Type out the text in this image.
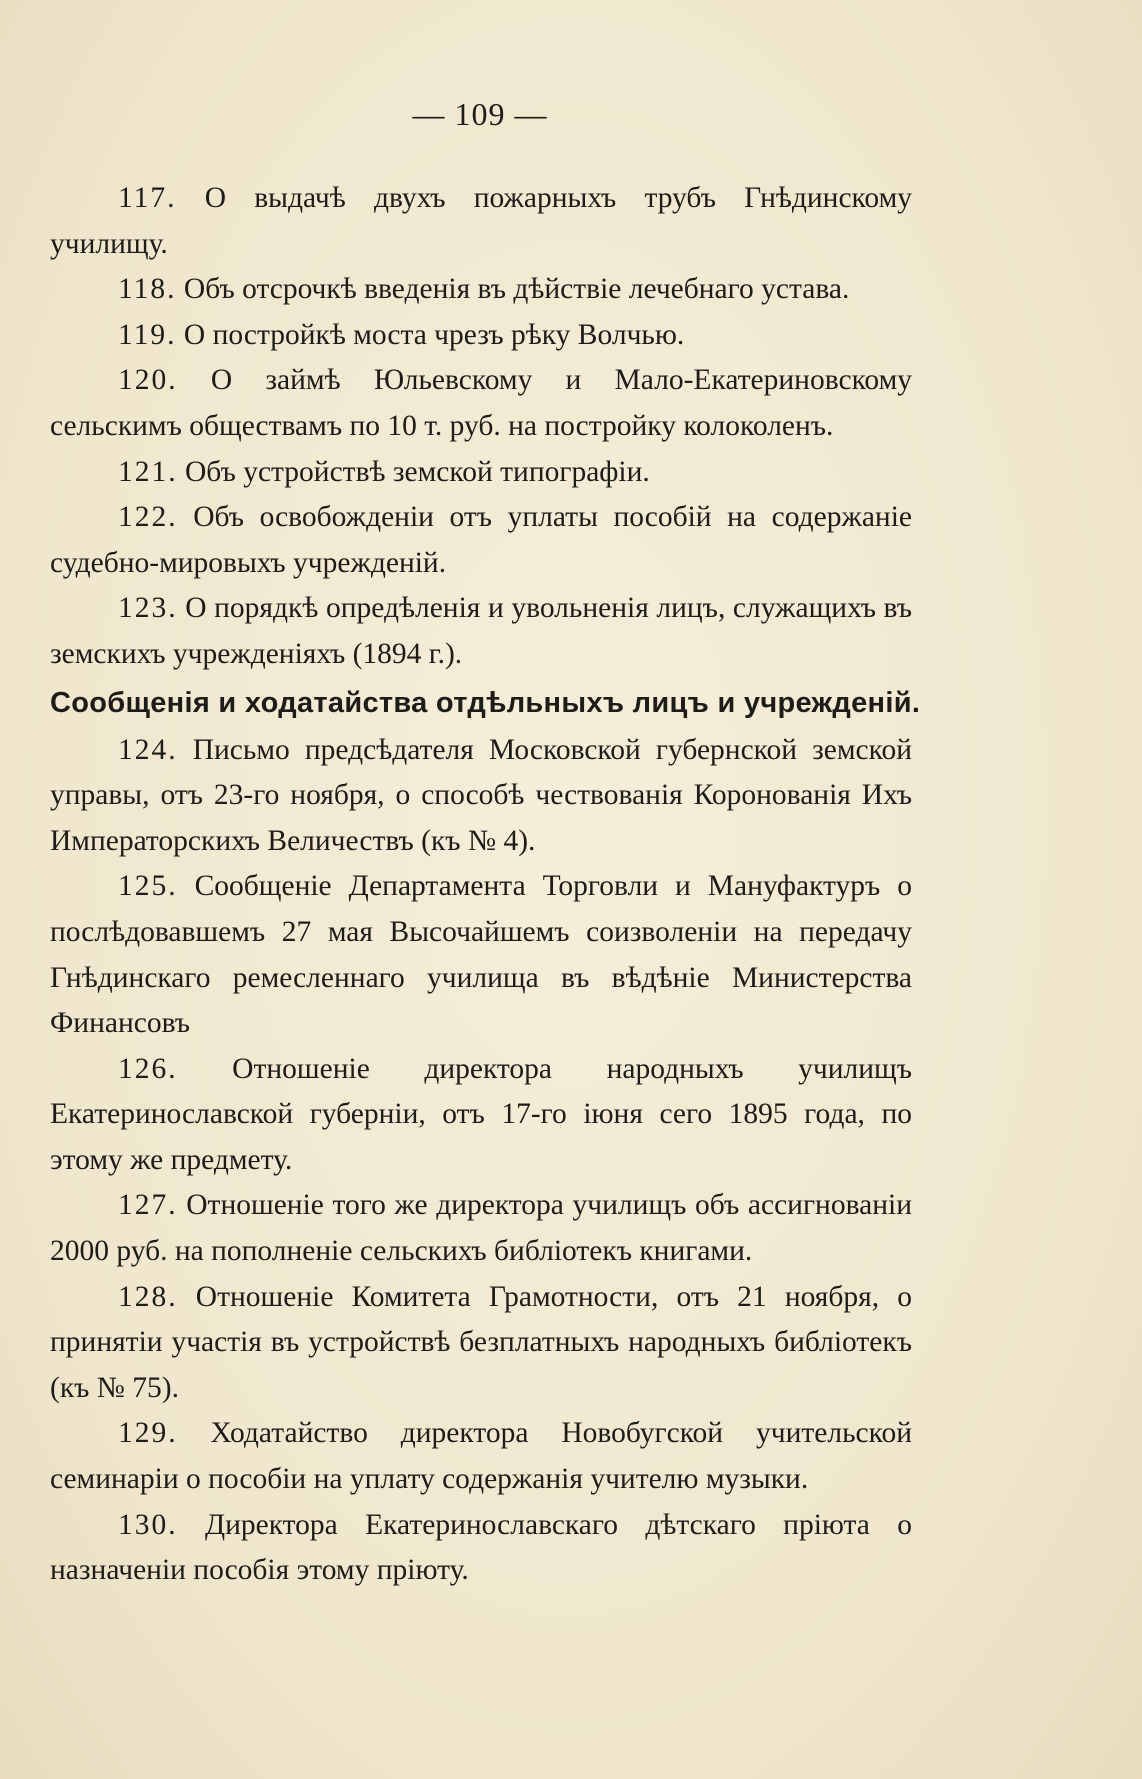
— 109 —

117. О выдачѣ двухъ пожарныхъ трубъ Гнѣдинскому училищу.

118. Объ отсрочкѣ введенія въ дѣйствіе лечебнаго устава.

119. О постройкѣ моста чрезъ рѣку Волчью.

120. О займѣ Юльевскому и Мало-Екатериновскому сельскимъ обществамъ по 10 т. руб. на постройку колоколенъ.

121. Объ устройствѣ земской типографіи.

122. Объ освобожденіи отъ уплаты пособій на содержаніе судебно-мировыхъ учрежденій.

123. О порядкѣ опредѣленія и увольненія лицъ, служащихъ въ земскихъ учрежденіяхъ (1894 г.).

Сообщенія и ходатайства отдѣльныхъ лицъ и учрежденій.

124. Письмо предсѣдателя Московской губернской земской управы, отъ 23-го ноября, о способѣ чествованія Коронованія Ихъ Императорскихъ Величествъ (къ № 4).

125. Сообщеніе Департамента Торговли и Мануфактуръ о послѣдовавшемъ 27 мая Высочайшемъ соизволеніи на передачу Гнѣдинскаго ремесленнаго училища въ вѣдѣніе Министерства Финансовъ

126. Отношеніе директора народныхъ училищъ Екатеринославской губерніи, отъ 17-го іюня сего 1895 года, по этому же предмету.

127. Отношеніе того же директора училищъ объ ассигнованіи 2000 руб. на пополненіе сельскихъ библіотекъ книгами.

128. Отношеніе Комитета Грамотности, отъ 21 ноября, о принятіи участія въ устройствѣ безплатныхъ народныхъ библіотекъ (къ № 75).

129. Ходатайство директора Новобугской учительской семинаріи о пособіи на уплату содержанія учителю музыки.

130. Директора Екатеринославскаго дѣтскаго пріюта о назначеніи пособія этому пріюту.
